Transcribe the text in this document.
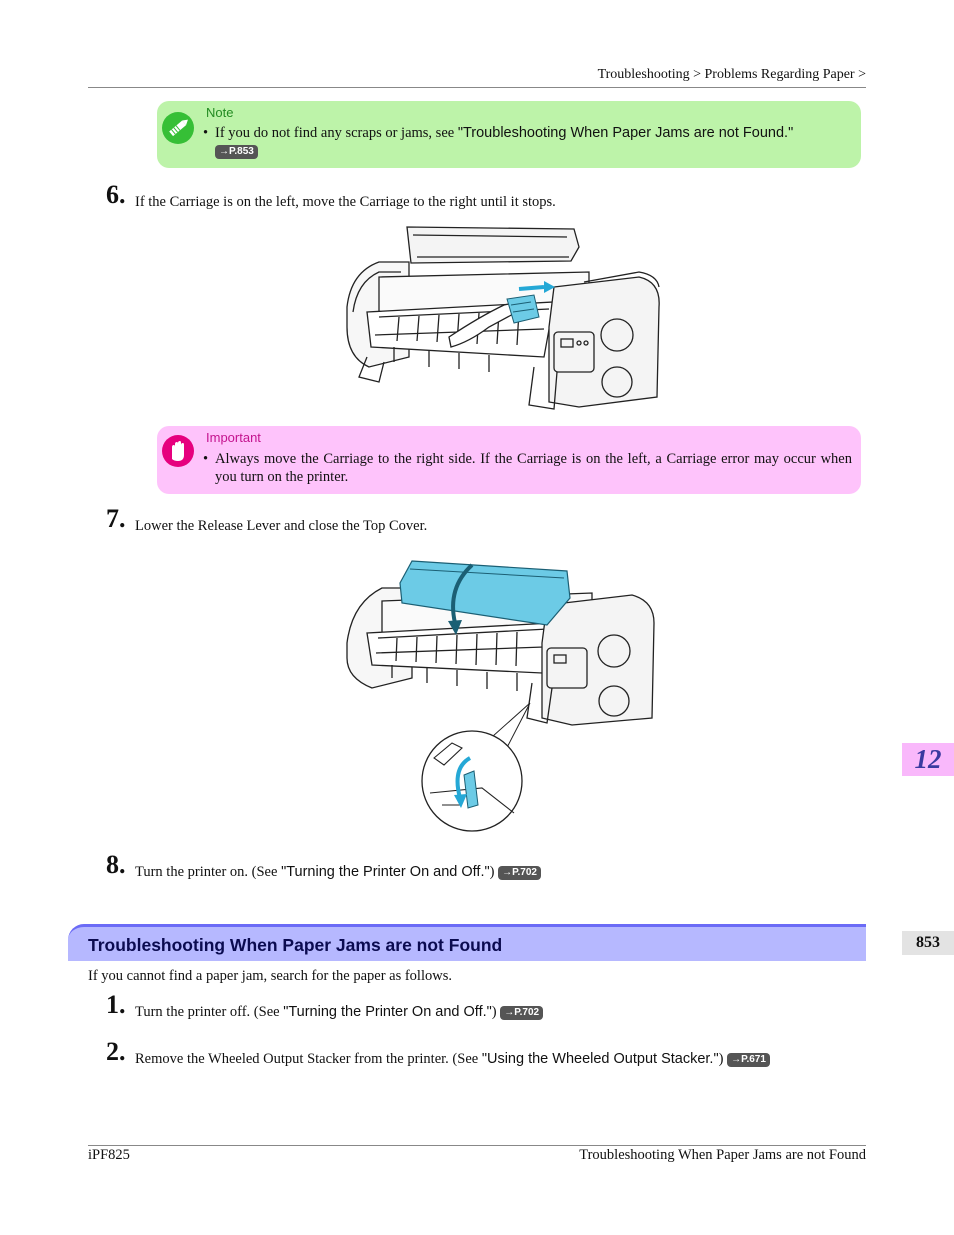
Troubleshooting > Problems Regarding Paper >
Note
• If you do not find any scraps or jams, see "Troubleshooting When Paper Jams are not Found."
→P.853
6. If the Carriage is on the left, move the Carriage to the right until it stops.
Important
• Always move the Carriage to the right side. If the Carriage is on the left, a Carriage error may occur when you turn on the printer.
7. Lower the Release Lever and close the Top Cover.
8. Turn the printer on. (See "Turning the Printer On and Off.") →P.702
Troubleshooting When Paper Jams are not Found
If you cannot find a paper jam, search for the paper as follows.
1. Turn the printer off. (See "Turning the Printer On and Off.") →P.702
2. Remove the Wheeled Output Stacker from the printer. (See "Using the Wheeled Output Stacker.") →P.671
12
853
iPF825	Troubleshooting When Paper Jams are not Found
